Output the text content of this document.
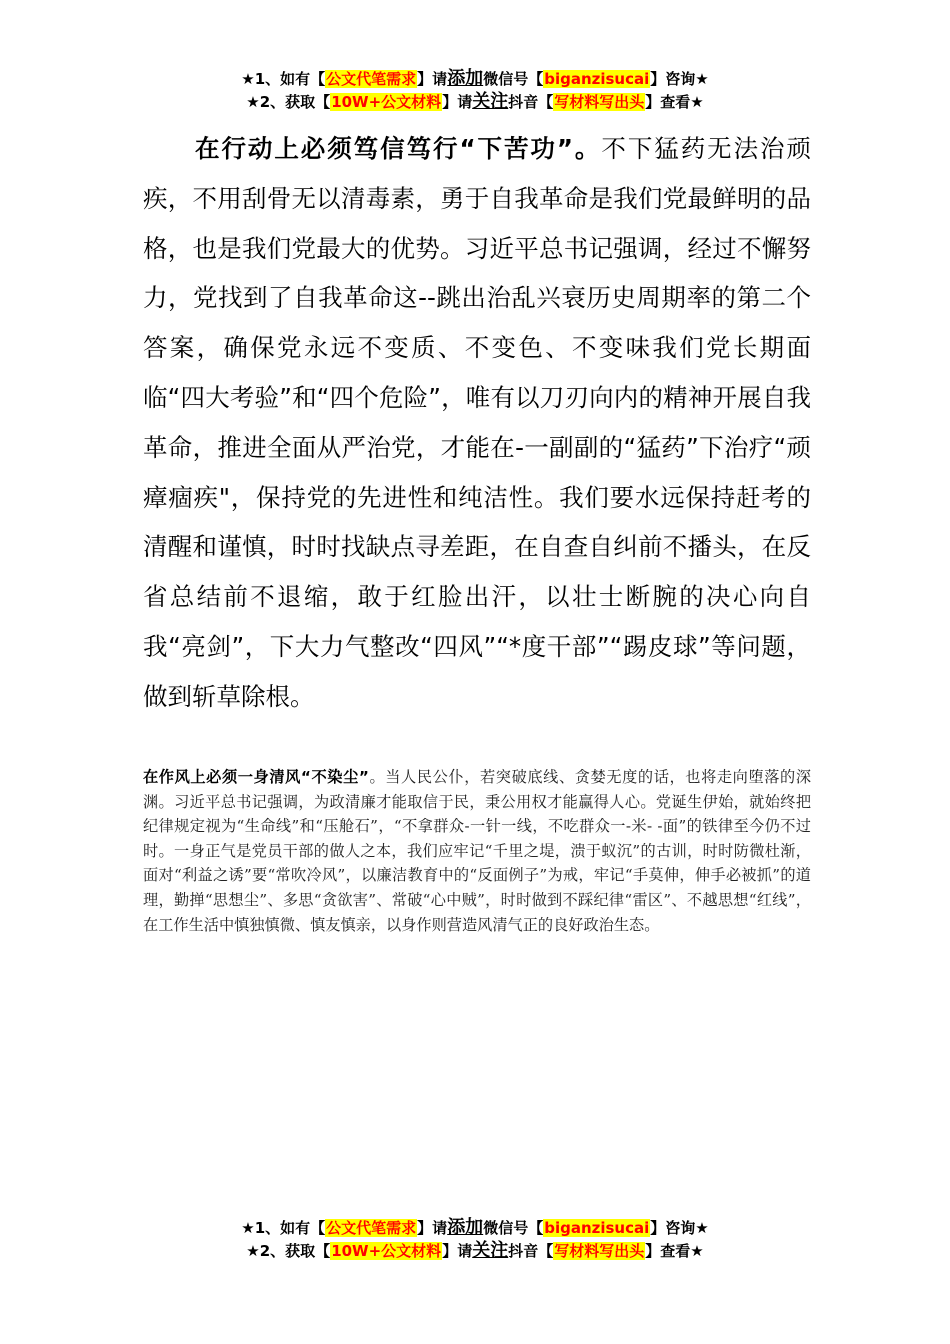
★1、如有【公文代笔需求】请添加微信号【biganzisucai】咨询★
★2、获取【10W+公文材料】请关注抖音【写材料写出头】查看★

在行动上必须笃信笃行“下苦功”。不下猛药无法治顽疾，不用刮骨无以清毒素，勇于自我革命是我们党最鲜明的品格，也是我们党最大的优势。习近平总书记强调，经过不懈努力，党找到了自我革命这--跳出治乱兴衰历史周期率的第二个答案，确保党永远不变质、不变色、不变味我们党长期面临“四大考验”和“四个危险”，唯有以刀刃向内的精神开展自我革命，推进全面从严治党，才能在-一副副的“猛药”下治疗“顽瘴痼疾"，保持党的先进性和纯洁性。我们要水远保持赶考的清醒和谨慎，时时找缺点寻差距，在自查自纠前不播头，在反省总结前不退缩，敢于红脸出汗，以壮士断腕的决心向自我“亮剑”，下大力气整改“四风”“*度干部”“踢皮球”等问题，做到斩草除根。

在作风上必须一身清风“不染尘”。当人民公仆，若突破底线、贪婪无度的话，也将走向堕落的深渊。习近平总书记强调，为政清廉才能取信于民，秉公用权才能赢得人心。党诞生伊始，就始终把纪律规定视为“生命线”和“压舱石”，“不拿群众-一针一线，不吃群众一-米- -面”的铁律至今仍不过时。一身正气是党员干部的做人之本，我们应牢记“千里之堤，溃于蚁沉”的古训，时时防微杜渐，面对“利益之诱”要“常吹冷风”，以廉洁教育中的“反面例子”为戒，牢记“手莫伸，伸手必被抓”的道理，勤掸“思想尘”、多思“贪欲害”、常破“心中贼”，时时做到不踩纪律“雷区”、不越思想“红线”，在工作生活中慎独慎微、慎友慎亲，以身作则营造风清气正的良好政治生态。

★1、如有【公文代笔需求】请添加微信号【biganzisucai】咨询★
★2、获取【10W+公文材料】请关注抖音【写材料写出头】查看★
